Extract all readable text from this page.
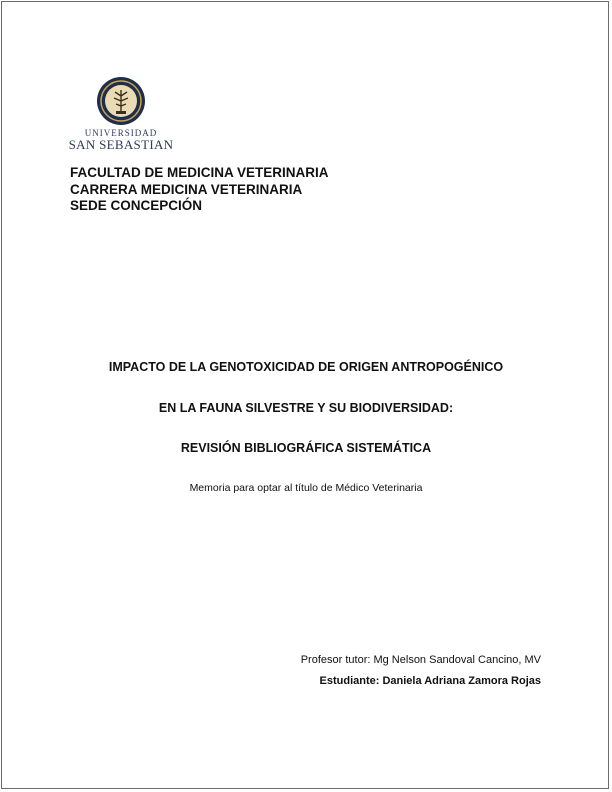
UNIVERSIDAD
SAN SEBASTIAN
FACULTAD DE MEDICINA VETERINARIA
CARRERA MEDICINA VETERINARIA
SEDE CONCEPCIÓN
IMPACTO DE LA GENOTOXICIDAD DE ORIGEN ANTROPOGÉNICO
EN LA FAUNA SILVESTRE Y SU BIODIVERSIDAD:
REVISIÓN BIBLIOGRÁFICA SISTEMÁTICA
Memoria para optar al título de Médico Veterinaria
Profesor tutor: Mg Nelson Sandoval Cancino, MV
Estudiante: Daniela Adriana Zamora Rojas
